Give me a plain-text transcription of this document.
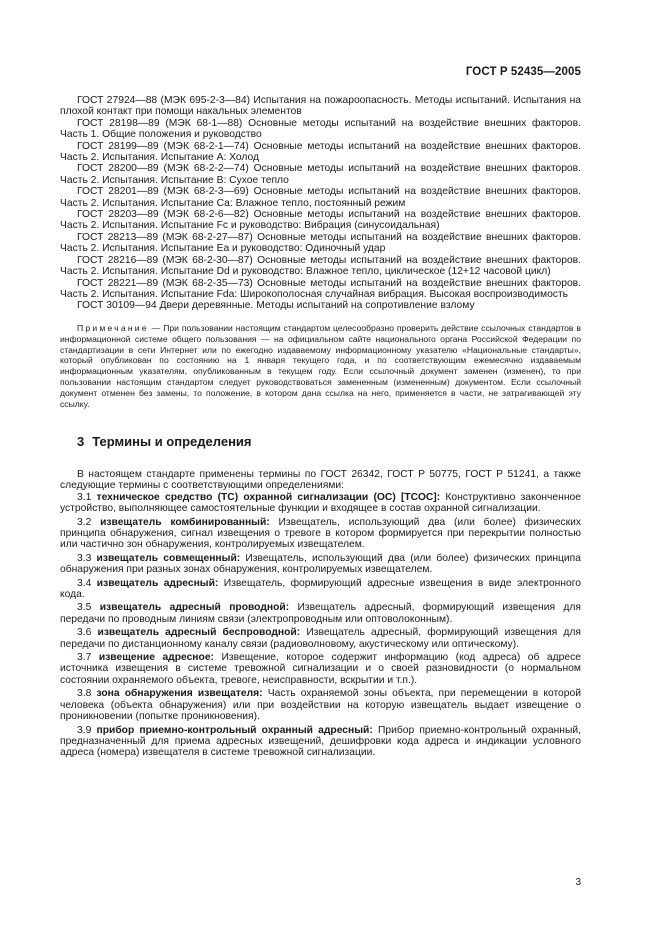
ГОСТ Р 52435—2005

ГОСТ 27924—88 (МЭК 695-2-3—84) Испытания на пожароопасность. Методы испытаний. Испытания на плохой контакт при помощи накальных элементов

ГОСТ 28198—89 (МЭК 68-1—88) Основные методы испытаний на воздействие внешних факторов. Часть 1. Общие положения и руководство

ГОСТ 28199—89 (МЭК 68-2-1—74) Основные методы испытаний на воздействие внешних факторов. Часть 2. Испытания. Испытание А: Холод

ГОСТ 28200—89 (МЭК 68-2-2—74) Основные методы испытаний на воздействие внешних факторов. Часть 2. Испытания. Испытание В: Сухое тепло

ГОСТ 28201—89 (МЭК 68-2-3—69) Основные методы испытаний на воздействие внешних факторов. Часть 2. Испытания. Испытание Са: Влажное тепло, постоянный режим

ГОСТ 28203—89 (МЭК 68-2-6—82) Основные методы испытаний на воздействие внешних факторов. Часть 2. Испытания. Испытание Fc и руководство: Вибрация (синусоидальная)

ГОСТ 28213—89 (МЭК 68-2-27—87) Основные методы испытаний на воздействие внешних факторов. Часть 2. Испытания. Испытание Еа и руководство: Одиночный удар

ГОСТ 28216—89 (МЭК 68-2-30—87) Основные методы испытаний на воздействие внешних факторов. Часть 2. Испытания. Испытание Dd и руководство: Влажное тепло, циклическое (12+12 часовой цикл)

ГОСТ 28221—89 (МЭК 68-2-35—73) Основные методы испытаний на воздействие внешних факторов. Часть 2. Испытания. Испытание Fda: Широкополосная случайная вибрация. Высокая воспроизводимость

ГОСТ 30109—94 Двери деревянные. Методы испытаний на сопротивление взлому

Примечание — При пользовании настоящим стандартом целесообразно проверить действие ссылочных стандартов в информационной системе общего пользования — на официальном сайте национального органа Российской Федерации по стандартизации в сети Интернет или по ежегодно издаваемому информационному указателю «Национальные стандарты», который опубликован по состоянию на 1 января текущего года, и по соответствующим ежемесячно издаваемым информационным указателям, опубликованным в текущем году. Если ссылочный документ заменен (изменен), то при пользовании настоящим стандартом следует руководствоваться замененным (измененным) документом. Если ссылочный документ отменен без замены, то положение, в котором дана ссылка на него, применяется в части, не затрагивающей эту ссылку.

3 Термины и определения

В настоящем стандарте применены термины по ГОСТ 26342, ГОСТ Р 50775, ГОСТ Р 51241, а также следующие термины с соответствующими определениями:

3.1 техническое средство (ТС) охранной сигнализации (ОС) [ТСОС]: Конструктивно законченное устройство, выполняющее самостоятельные функции и входящее в состав охранной сигнализации.

3.2 извещатель комбинированный: Извещатель, использующий два (или более) физических принципа обнаружения, сигнал извещения о тревоге в котором формируется при перекрытии полностью или частично зон обнаружения, контролируемых извещателем.

3.3 извещатель совмещенный: Извещатель, использующий два (или более) физических принципа обнаружения при разных зонах обнаружения, контролируемых извещателем.

3.4 извещатель адресный: Извещатель, формирующий адресные извещения в виде электронного кода.

3.5 извещатель адресный проводной: Извещатель адресный, формирующий извещения для передачи по проводным линиям связи (электропроводным или оптоволоконным).

3.6 извещатель адресный беспроводной: Извещатель адресный, формирующий извещения для передачи по дистанционному каналу связи (радиоволновому, акустическому или оптическому).

3.7 извещение адресное: Извещение, которое содержит информацию (код адреса) об адресе источника извещения в системе тревожной сигнализации и о своей разновидности (о нормальном состоянии охраняемого объекта, тревоге, неисправности, вскрытии и т.п.).

3.8 зона обнаружения извещателя: Часть охраняемой зоны объекта, при перемещении в которой человека (объекта обнаружения) или при воздействии на которую извещатель выдает извещение о проникновении (попытке проникновения).

3.9 прибор приемно-контрольный охранный адресный: Прибор приемно-контрольный охранный, предназначенный для приема адресных извещений, дешифровки кода адреса и индикации условного адреса (номера) извещателя в системе тревожной сигнализации.

3
